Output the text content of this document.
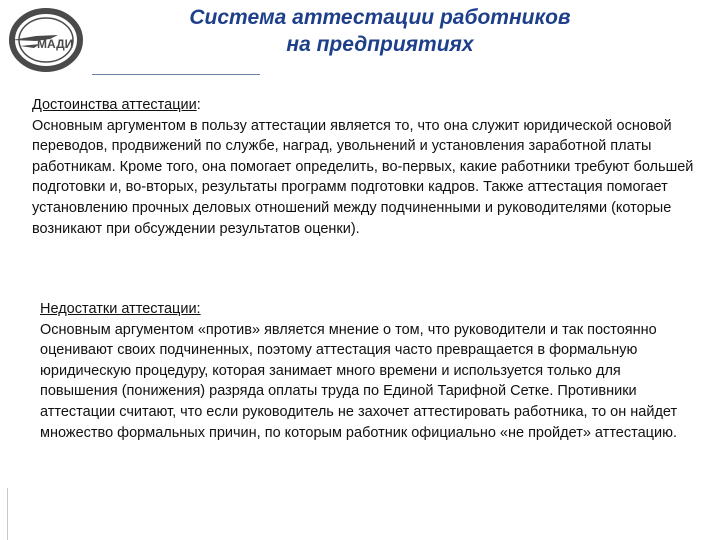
МАДИ
Система аттестации работников
на предприятиях
Достоинства аттестации:
Основным аргументом в пользу аттестации является то, что она служит юридической основой переводов, продвижений по службе, наград, увольнений и установления заработной платы работникам. Кроме того, она помогает определить, во-первых, какие работники требуют большей подготовки и, во-вторых, результаты программ подготовки кадров. Также аттестация помогает установлению прочных деловых отношений между подчиненными и руководителями (которые возникают при обсуждении результатов оценки).
Недостатки аттестации:
Основным аргументом «против» является мнение о том, что руководители и так постоянно оценивают своих подчиненных, поэтому аттестация часто превращается в формальную юридическую процедуру, которая занимает много времени и используется только для повышения (понижения) разряда оплаты труда по Единой Тарифной Сетке. Противники аттестации считают, что если руководитель не захочет аттестировать работника, то он найдет множество формальных причин, по которым работник официально «не пройдет» аттестацию.
